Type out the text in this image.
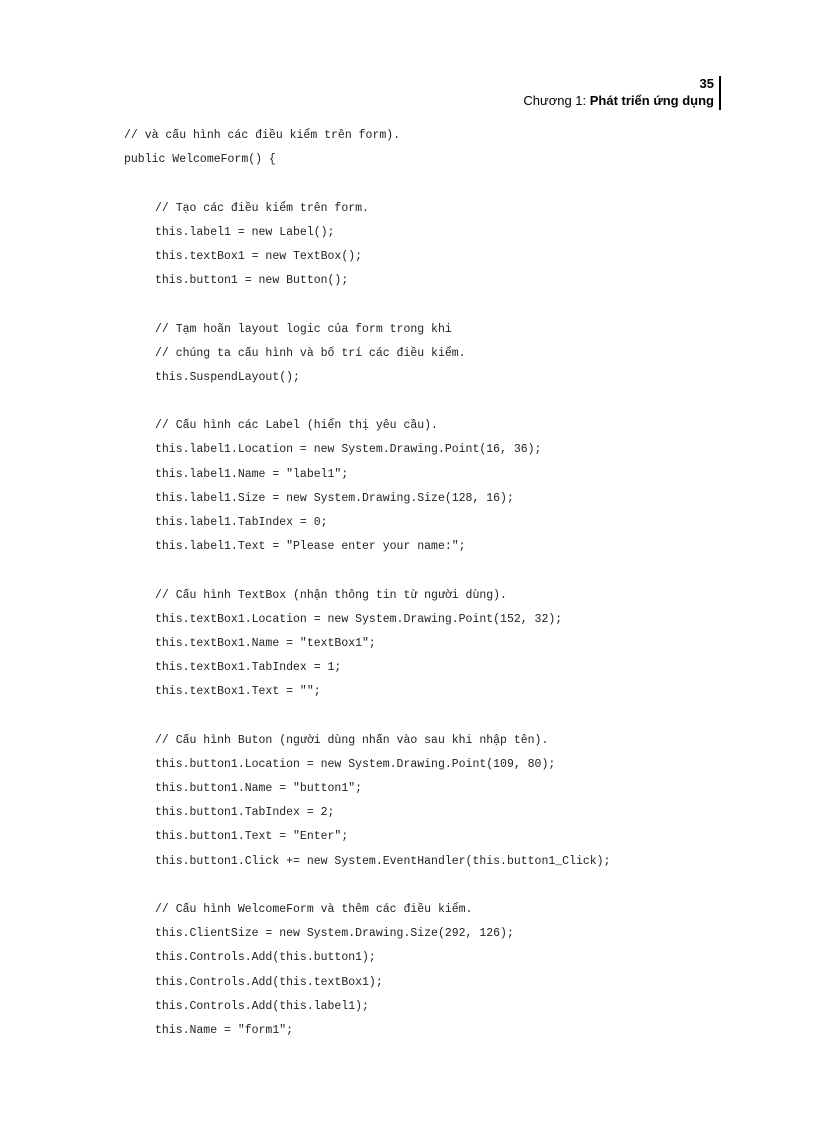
35
Chương 1: Phát triển ứng dụng
// và cấu hình các điều kiểm trên form).
public WelcomeForm() {
// Tạo các điều kiểm trên form.
this.label1 = new Label();
this.textBox1 = new TextBox();
this.button1 = new Button();
// Tạm hoãn layout logic của form trong khi
// chúng ta cấu hình và bố trí các điều kiểm.
this.SuspendLayout();
// Cấu hình các Label (hiển thị yêu cầu).
this.label1.Location = new System.Drawing.Point(16, 36);
this.label1.Name = "label1";
this.label1.Size = new System.Drawing.Size(128, 16);
this.label1.TabIndex = 0;
this.label1.Text = "Please enter your name:";
// Cấu hình TextBox (nhận thông tin từ người dùng).
this.textBox1.Location = new System.Drawing.Point(152, 32);
this.textBox1.Name = "textBox1";
this.textBox1.TabIndex = 1;
this.textBox1.Text = "";
// Cấu hình Buton (người dùng nhấn vào sau khi nhập tên).
this.button1.Location = new System.Drawing.Point(109, 80);
this.button1.Name = "button1";
this.button1.TabIndex = 2;
this.button1.Text = "Enter";
this.button1.Click += new System.EventHandler(this.button1_Click);
// Cấu hình WelcomeForm và thêm các điều kiểm.
this.ClientSize = new System.Drawing.Size(292, 126);
this.Controls.Add(this.button1);
this.Controls.Add(this.textBox1);
this.Controls.Add(this.label1);
this.Name = "form1";
